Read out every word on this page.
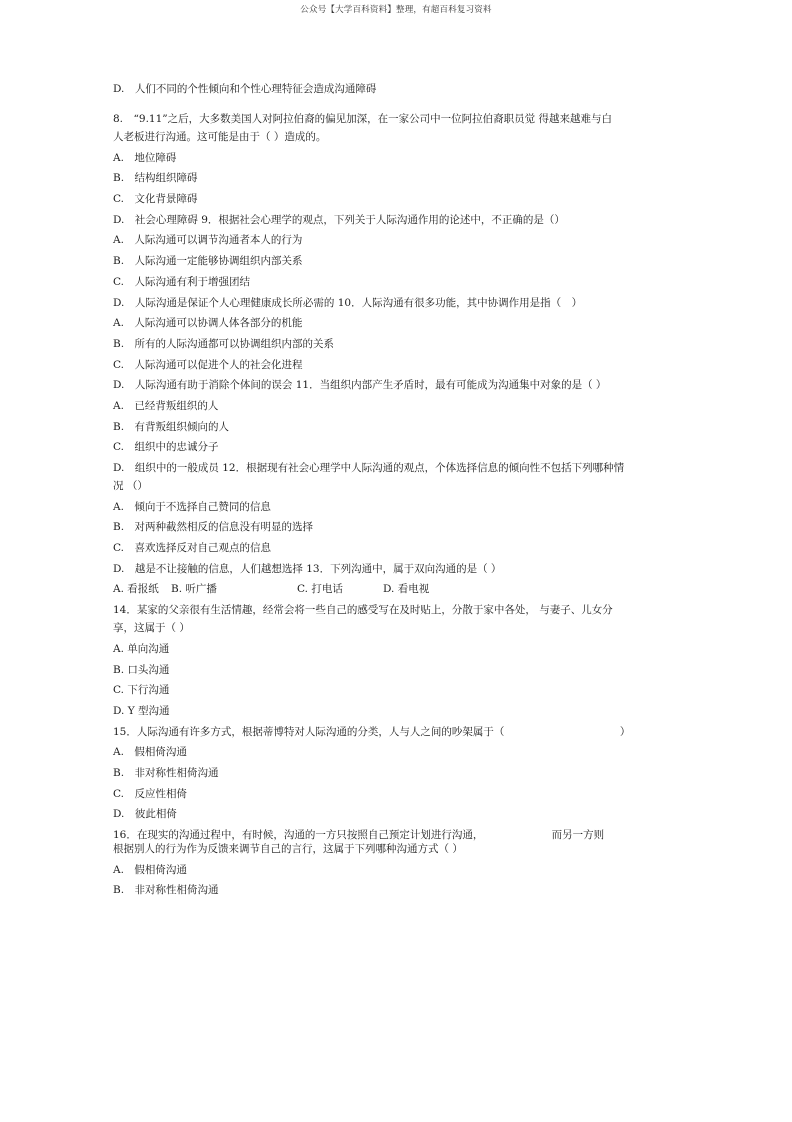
公众号【大学百科资料】整理，有超百科复习资料

D.　人们不同的个性倾向和个性心理特征会造成沟通障碍

8.　“9.11”之后，大多数美国人对阿拉伯裔的偏见加深，在一家公司中一位阿拉伯裔职员觉 得越来越难与白

人老板进行沟通。这可能是由于（ ）造成的。

A.　地位障碍

B.　结构组织障碍

C.　文化背景障碍

D.　社会心理障碍 9．根据社会心理学的观点，下列关于人际沟通作用的论述中，不正确的是（）

A.　人际沟通可以调节沟通者本人的行为

B.　人际沟通一定能够协调组织内部关系

C.　人际沟通有利于增强团结

D.　人际沟通是保证个人心理健康成长所必需的 10．人际沟通有很多功能，其中协调作用是指（　）

A.　人际沟通可以协调人体各部分的机能

B.　所有的人际沟通都可以协调组织内部的关系

C.　人际沟通可以促进个人的社会化进程

D.　人际沟通有助于消除个体间的误会 11．当组织内部产生矛盾时，最有可能成为沟通集中对象的是（ ）

A.　已经背叛组织的人

B.　有背叛组织倾向的人

C.　组织中的忠诚分子

D.　组织中的一般成员 12．根据现有社会心理学中人际沟通的观点，个体选择信息的倾向性不包括下列哪种情

况 （）

A.　倾向于不选择自己赞同的信息

B.　对两种截然相反的信息没有明显的选择

C.　喜欢选择反对自己观点的信息

D.　越是不让接触的信息，人们越想选择 13．下列沟通中，属于双向沟通的是（ ）

A. 看报纸 B. 听广播	C. 打电话	D. 看电视

14．某家的父亲很有生活情趣，经常会将一些自己的感受写在及时贴上，分散于家中各处， 与妻子、儿女分

享，这属于（ ）

A. 单向沟通

B. 口头沟通

C. 下行沟通

D. Y 型沟通

15．人际沟通有许多方式，根据蒂博特对人际沟通的分类，人与人之间的吵架属于（　　　　　　　　　　　）

A.　假相倚沟通

B.　非对称性相倚沟通

C.　反应性相倚

D.　彼此相倚

16．在现实的沟通过程中，有时候，沟通的一方只按照自己预定计划进行沟通，　　　　　　　而另一方则

根据别人的行为作为反馈来调节自己的言行，这属于下列哪种沟通方式（ ）

A.　假相倚沟通

B.　非对称性相倚沟通
